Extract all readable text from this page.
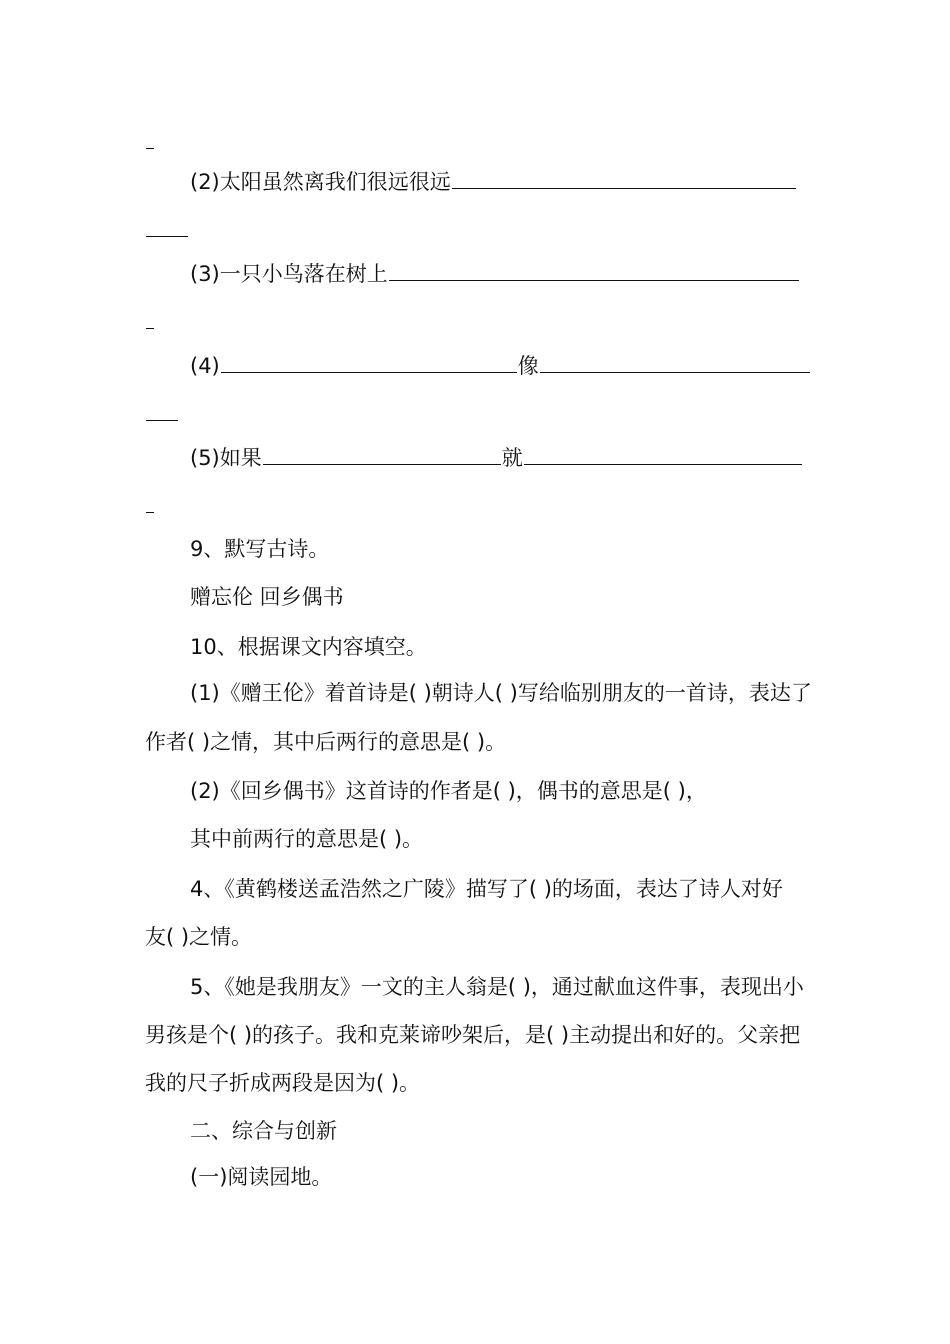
(2)太阳虽然离我们很远很远
(3)一只小鸟落在树上
(4)	像
(5)如果	就
9、默写古诗。
赠忘伦 回乡偶书
10、根据课文内容填空。
(1)《赠王伦》着首诗是( )朝诗人( )写给临别朋友的一首诗，表达了
作者( )之情，其中后两行的意思是( )。
(2)《回乡偶书》这首诗的作者是( )，偶书的意思是( )，
其中前两行的意思是( )。
4、《黄鹤楼送孟浩然之广陵》描写了( )的场面，表达了诗人对好
友( )之情。
5、《她是我朋友》一文的主人翁是( )，通过献血这件事，表现出小
男孩是个( )的孩子。我和克莱谛吵架后，是( )主动提出和好的。父亲把
我的尺子折成两段是因为( )。
二、综合与创新
(一)阅读园地。
